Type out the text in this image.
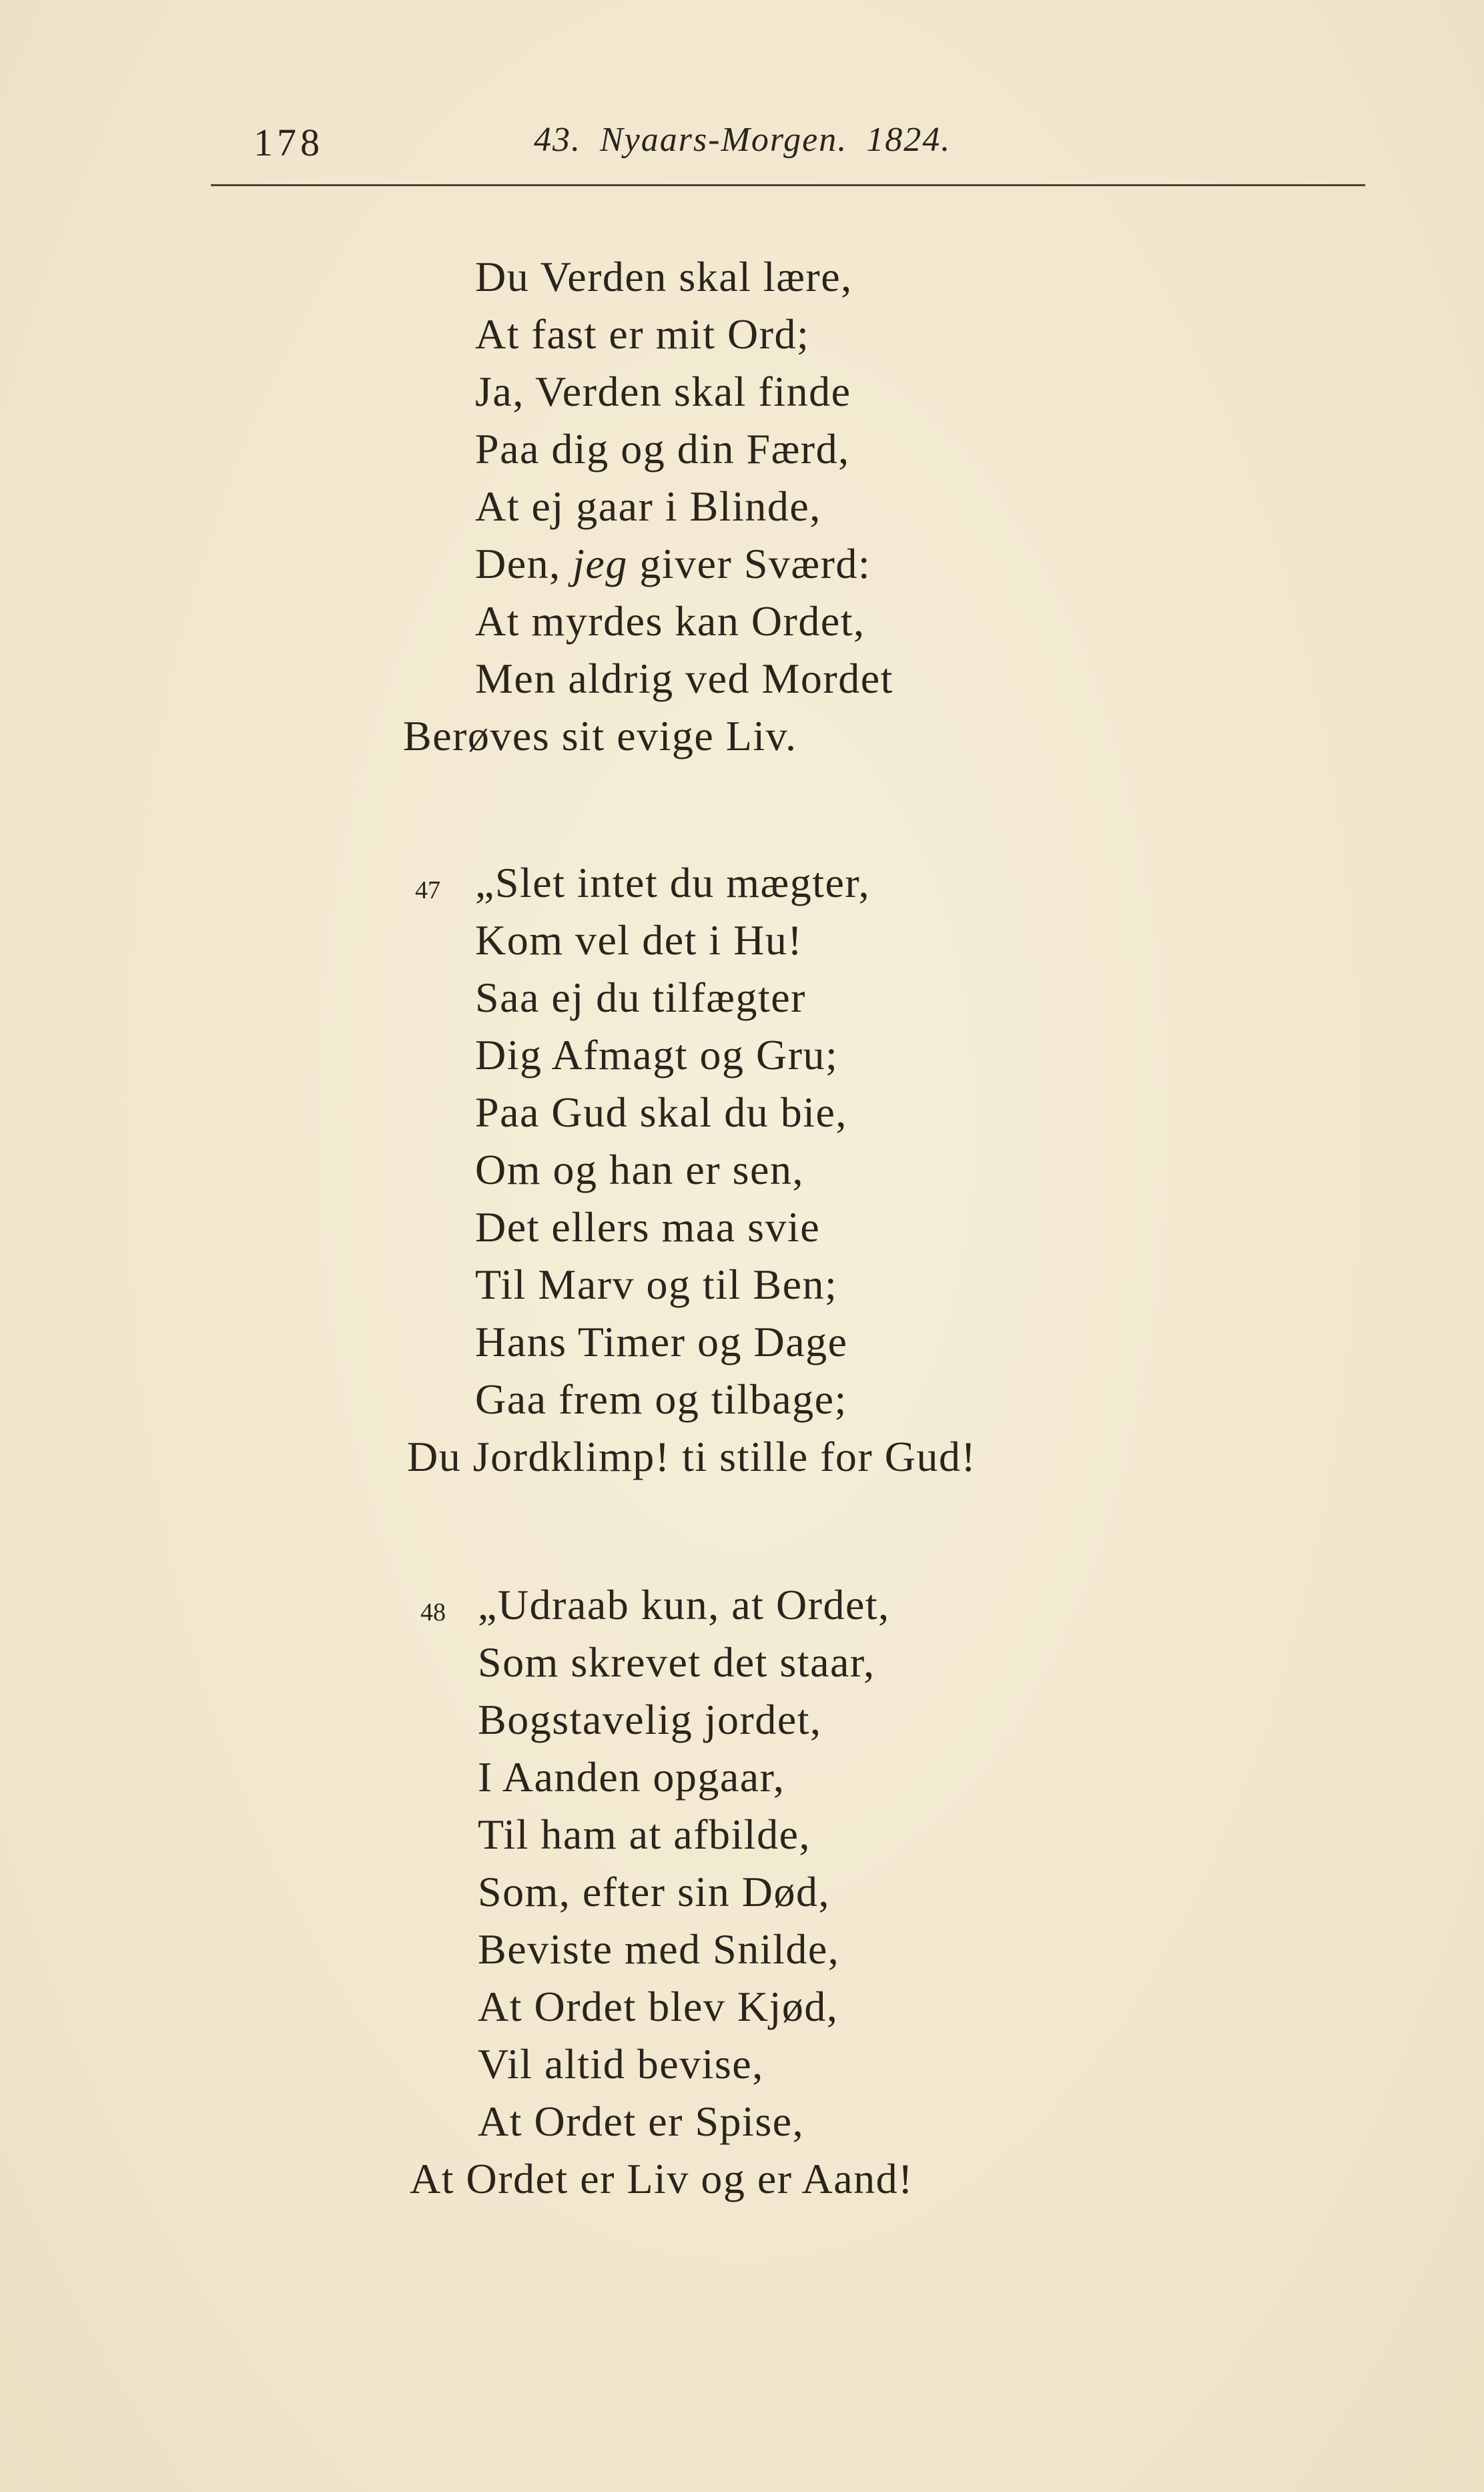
178	43. Nyaars-Morgen. 1824.
Du Verden skal lære,
At fast er mit Ord;
Ja, Verden skal finde
Paa dig og din Færd,
At ej gaar i Blinde,
Den, jeg giver Sværd:
At myrdes kan Ordet,
Men aldrig ved Mordet
Berøves sit evige Liv.
47 „Slet intet du mægter,
Kom vel det i Hu!
Saa ej du tilfægter
Dig Afmagt og Gru;
Paa Gud skal du bie,
Om og han er sen,
Det ellers maa svie
Til Marv og til Ben;
Hans Timer og Dage
Gaa frem og tilbage;
Du Jordklimp! ti stille for Gud!
48 „Udraab kun, at Ordet,
Som skrevet det staar,
Bogstavelig jordet,
I Aanden opgaar,
Til ham at afbilde,
Som, efter sin Død,
Beviste med Snilde,
At Ordet blev Kjød,
Vil altid bevise,
At Ordet er Spise,
At Ordet er Liv og er Aand!
